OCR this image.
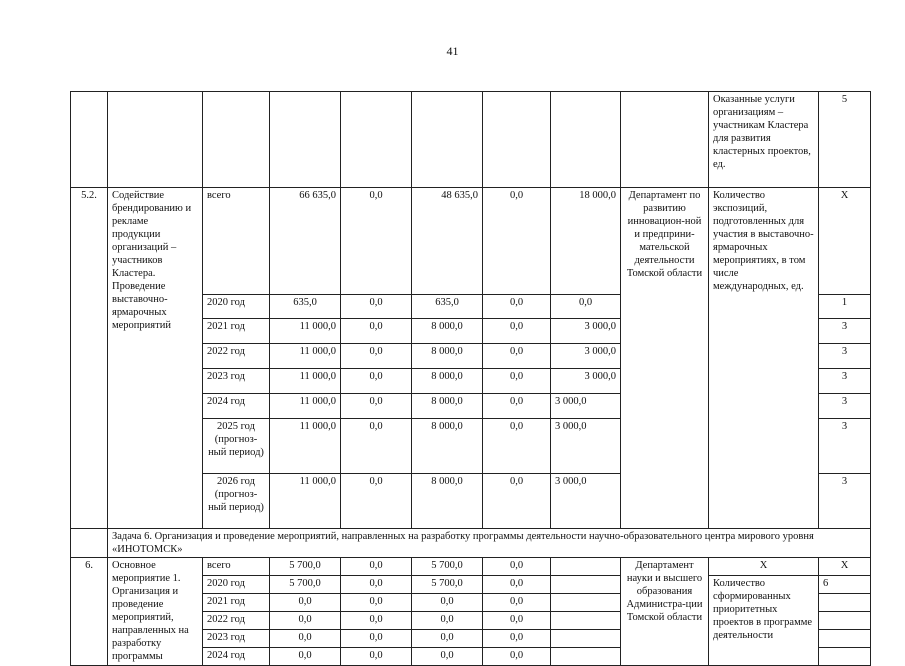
41
									Оказанные услуги организациям – участникам Кластера для развития кластерных проектов, ед.	5
5.2.	Содействие брендированию и рекламе продукции организаций – участников Кластера. Проведение выставочно-ярмарочных мероприятий	всего	66 635,0	0,0	48 635,0	0,0	18 000,0	Департамент по развитию инновацион-ной и предприни-мательской деятельности Томской области	Количество экспозиций, подготовленных для участия в выставочно-ярмарочных мероприятиях, в том числе международных, ед.	Х
		2020 год	635,0	0,0	635,0	0,0	0,0			1
		2021 год	11 000,0	0,0	8 000,0	0,0	3 000,0			3
		2022 год	11 000,0	0,0	8 000,0	0,0	3 000,0			3
		2023 год	11 000,0	0,0	8 000,0	0,0	3 000,0			3
		2024 год	11 000,0	0,0	8 000,0	0,0	3 000,0			3
		2025 год (прогноз-ный период)	11 000,0	0,0	8 000,0	0,0	3 000,0			3
		2026 год (прогноз-ный период)	11 000,0	0,0	8 000,0	0,0	3 000,0			3
	Задача 6. Организация и проведение мероприятий, направленных на разработку программы деятельности научно-образовательного центра мирового уровня «ИНОТОМСК»									
6.	Основное мероприятие 1. Организация и проведение мероприятий, направленных на разработку программы	всего	5 700,0	0,0	5 700,0	0,0		Департамент науки и высшего образования Администра-ции Томской области	Х	Х
		2020 год	5 700,0	0,0	5 700,0	0,0			Количество сформированных приоритетных проектов в программе деятельности	6
		2021 год	0,0	0,0	0,0	0,0				
		2022 год	0,0	0,0	0,0	0,0				
		2023 год	0,0	0,0	0,0	0,0				
		2024 год	0,0	0,0	0,0	0,0				
